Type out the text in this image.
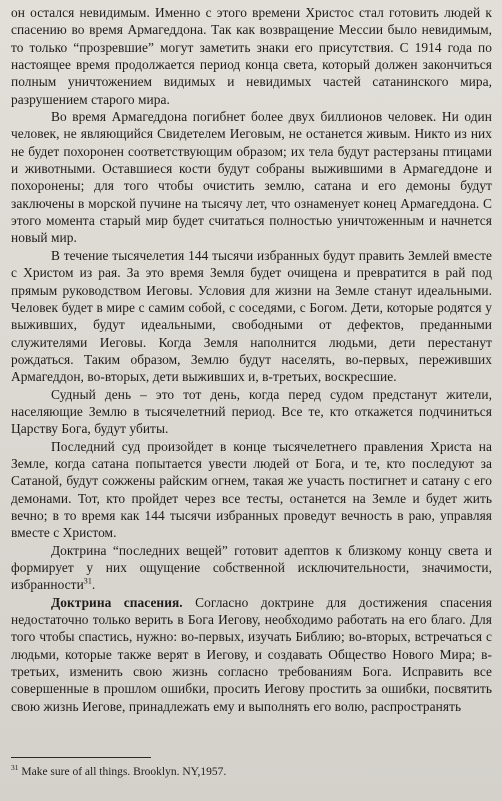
он остался невидимым. Именно с этого времени Христос стал готовить людей к спасению во время Армагеддона. Так как возвращение Мессии было невидимым, то только “прозревшие” могут заметить знаки его присутствия. С 1914 года по настоящее время продолжается период конца света, который должен закончиться полным уничтожением видимых и невидимых частей сатанинского мира, разрушением старого мира.

Во время Армагеддона погибнет более двух биллионов человек. Ни один человек, не являющийся Свидетелем Иеговым, не останется живым. Никто из них не будет похоронен соответствующим образом; их тела будут растерзаны птицами и животными. Оставшиеся кости будут собраны выжившими в Армагеддоне и похоронены; для того чтобы очистить землю, сатана и его демоны будут заключены в морской пучине на тысячу лет, что ознаменует конец Армагеддона. С этого момента старый мир будет считаться полностью уничтоженным и начнется новый мир.

В течение тысячелетия 144 тысячи избранных будут править Землей вместе с Христом из рая. За это время Земля будет очищена и превратится в рай под прямым руководством Иеговы. Условия для жизни на Земле станут идеальными. Человек будет в мире с самим собой, с соседями, с Богом. Дети, которые родятся у выживших, будут идеальными, свободными от дефектов, преданными служителями Иеговы. Когда Земля наполнится людьми, дети перестанут рождаться. Таким образом, Землю будут населять, во-первых, переживших Армагеддон, во-вторых, дети выживших и, в-третьих, воскресшие.

Судный день – это тот день, когда перед судом предстанут жители, населяющие Землю в тысячелетний период. Все те, кто откажется подчиниться Царству Бога, будут убиты.

Последний суд произойдет в конце тысячелетнего правления Христа на Земле, когда сатана попытается увести людей от Бога, и те, кто последуют за Сатаной, будут сожжены райским огнем, такая же участь постигнет и сатану с его демонами. Тот, кто пройдет через все тесты, останется на Земле и будет жить вечно; в то время как 144 тысячи избранных проведут вечность в раю, управляя вместе с Христом.

Доктрина “последних вещей” готовит адептов к близкому концу света и формирует у них ощущение собственной исключительности, значимости, избранности$^{31}$.

Доктрина спасения. Согласно доктрине для достижения спасения недостаточно только верить в Бога Иегову, необходимо работать на его благо. Для того чтобы спастись, нужно: во-первых, изучать Библию; во-вторых, встречаться с людьми, которые также верят в Иегову, и создавать Общество Нового Мира; в-третьих, изменить свою жизнь согласно требованиям Бога. Исправить все совершенные в прошлом ошибки, просить Иегову простить за ошибки, посвятить свою жизнь Иегове, принадлежать ему и выполнять его волю, распространять

$^{31}$ Make sure of all things. Brooklyn. NY,1957.
